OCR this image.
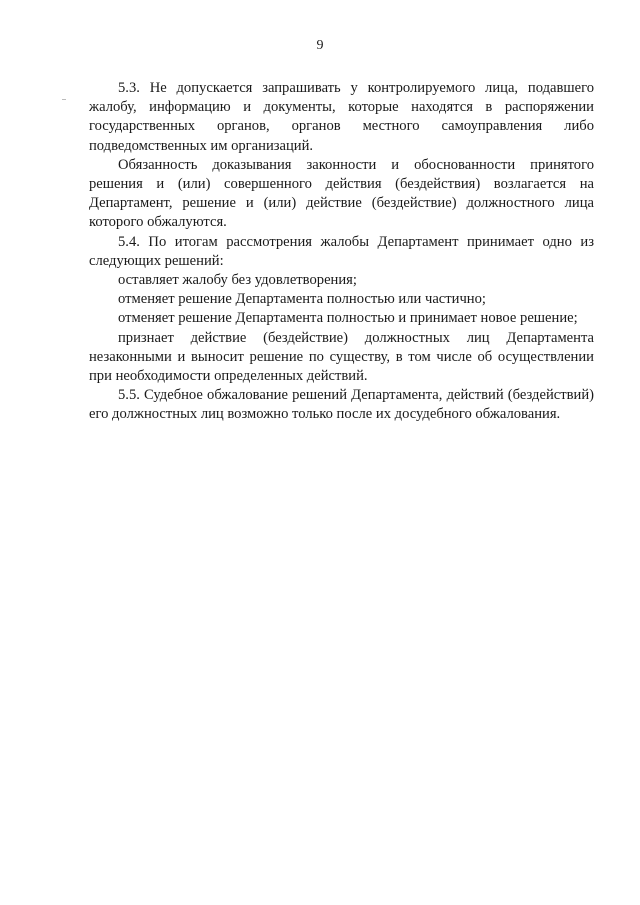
9

5.3. Не допускается запрашивать у контролируемого лица, подавшего жалобу, информацию и документы, которые находятся в распоряжении государственных органов, органов местного самоуправления либо подведомственных им организаций.

Обязанность доказывания законности и обоснованности принятого решения и (или) совершенного действия (бездействия) возлагается на Департамент, решение и (или) действие (бездействие) должностного лица которого обжалуются.

5.4. По итогам рассмотрения жалобы Департамент принимает одно из следующих решений:

оставляет жалобу без удовлетворения;

отменяет решение Департамента полностью или частично;

отменяет решение Департамента полностью и принимает новое решение;

признает действие (бездействие) должностных лиц Департамента незаконными и выносит решение по существу, в том числе об осуществлении при необходимости определенных действий.

5.5. Судебное обжалование решений Департамента, действий (бездействий) его должностных лиц возможно только после их досудебного обжалования.
